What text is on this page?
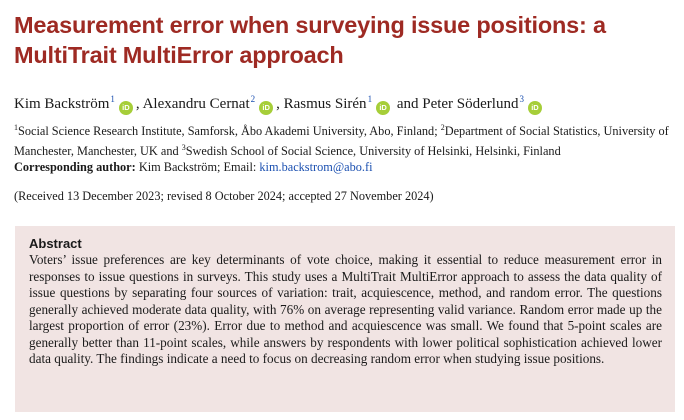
Measurement error when surveying issue positions: a MultiTrait MultiError approach
Kim Backström$^1$iD , Alexandru Cernat$^2$iD , Rasmus Sirén$^1$iD and Peter Söderlund$^3$iD
$^1$Social Science Research Institute, Samforsk, Åbo Akademi University, Abo, Finland; $^2$Department of Social Statistics, University of Manchester, Manchester, UK and $^3$Swedish School of Social Science, University of Helsinki, Helsinki, Finland
Corresponding author: Kim Backström; Email: kim.backstrom@abo.fi
(Received 13 December 2023; revised 8 October 2024; accepted 27 November 2024)
Abstract

Voters’ issue preferences are key determinants of vote choice, making it essential to reduce measurement error in responses to issue questions in surveys. This study uses a MultiTrait MultiError approach to assess the data quality of issue questions by separating four sources of variation: trait, acquiescence, method, and random error. The questions generally achieved moderate data quality, with 76% on average representing valid variance. Random error made up the largest proportion of error (23%). Error due to method and acquiescence was small. We found that 5-point scales are generally better than 11-point scales, while answers by respondents with lower political sophistication achieved lower data quality. The findings indicate a need to focus on decreasing random error when studying issue positions.
